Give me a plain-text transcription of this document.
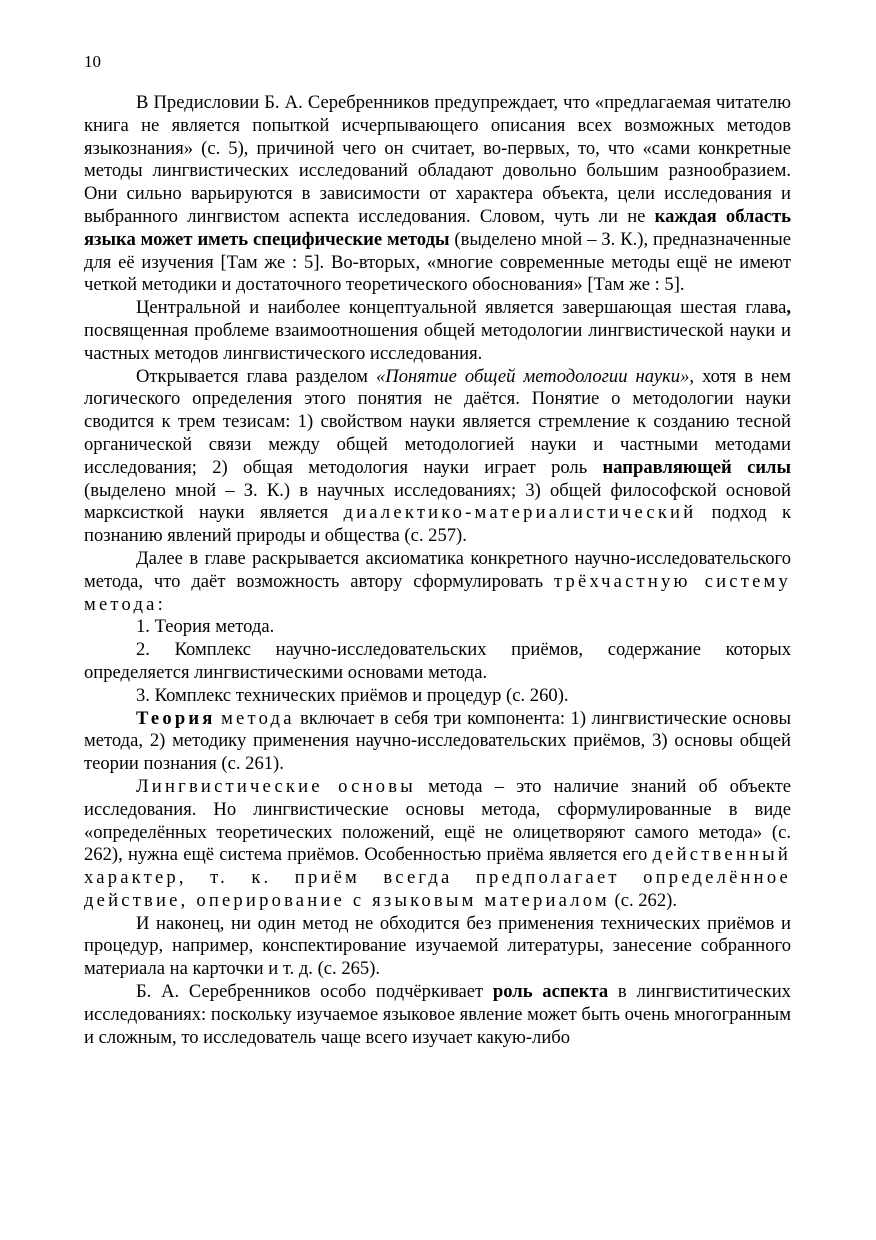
10

В Предисловии Б. А. Серебренников предупреждает, что «предлагаемая читателю книга не является попыткой исчерпывающего описания всех возможных методов языкознания» (с. 5), причиной чего он считает, во-первых, то, что «сами конкретные методы лингвистических исследований обладают довольно большим разнообразием. Они сильно варьируются в зависимости от характера объекта, цели исследования и выбранного лингвистом аспекта исследования. Словом, чуть ли не каждая область языка может иметь специфические методы (выделено мной – З. К.), предназначенные для её изучения [Там же : 5]. Во-вторых, «многие современные методы ещё не имеют четкой методики и достаточного теоретического обоснования» [Там же : 5].

Центральной и наиболее концептуальной является завершающая шестая глава, посвященная проблеме взаимоотношения общей методологии лингвистической науки и частных методов лингвистического исследования.

Открывается глава разделом «Понятие общей методологии науки», хотя в нем логического определения этого понятия не даётся. Понятие о методологии науки сводится к трем тезисам: 1) свойством науки является стремление к созданию тесной органической связи между общей методологией науки и частными методами исследования; 2) общая методология науки играет роль направляющей силы (выделено мной – З. К.) в научных исследованиях; 3) общей философской основой марксисткой науки является диалектико-материалистический подход к познанию явлений природы и общества (с. 257).

Далее в главе раскрывается аксиоматика конкретного научно-исследовательского метода, что даёт возможность автору сформулировать трёхчастную систему метода:

1. Теория метода.

2. Комплекс научно-исследовательских приёмов, содержание которых определяется лингвистическими основами метода.

3. Комплекс технических приёмов и процедур (с. 260).

Теория метода включает в себя три компонента: 1) лингвистические основы метода, 2) методику применения научно-исследовательских приёмов, 3) основы общей теории познания (с. 261).

Лингвистические основы метода – это наличие знаний об объекте исследования. Но лингвистические основы метода, сформулированные в виде «определённых теоретических положений, ещё не олицетворяют самого метода» (с. 262), нужна ещё система приёмов. Особенностью приёма является его действенный характер, т. к. приём всегда предполагает определённое действие, оперирование с языковым материалом (с. 262).

И наконец, ни один метод не обходится без применения технических приёмов и процедур, например, конспектирование изучаемой литературы, занесение собранного материала на карточки и т. д. (с. 265).

Б. А. Серебренников особо подчёркивает роль аспекта в лингвиститических исследованиях: поскольку изучаемое языковое явление может быть очень многогранным и сложным, то исследователь чаще всего изучает какую-либо
